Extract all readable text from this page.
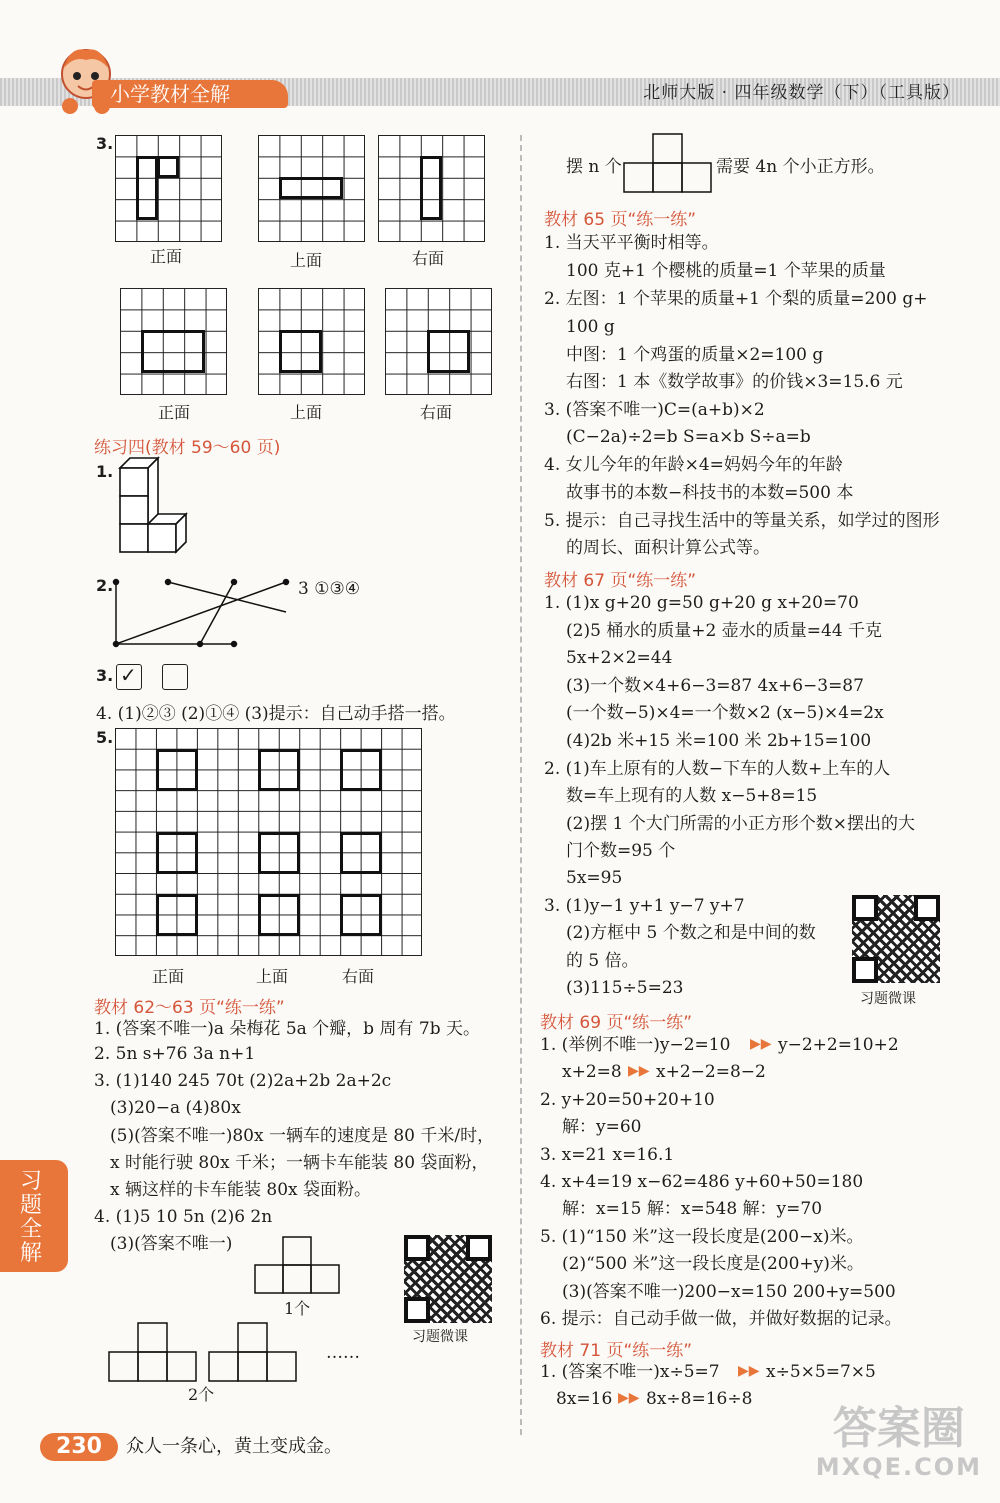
小学教材全解	北师大版 · 四年级数学（下）（工具版）
3.
正面	上面	右面
正面	上面	右面
练习四(教材 59～60 页)
1.
2.	3 ①③④
3. ✓
4. (1)②③ (2)①④ (3)提示：自己动手搭一搭。
5.
正面	上面	右面
教材 62～63 页“练一练”
1. (答案不唯一)a 朵梅花 5a 个瓣，b 周有 7b 天。
2. 5n s+76 3a n+1
3. (1)140 245 70t (2)2a+2b 2a+2c
(3)20−a (4)80x
(5)(答案不唯一)80x 一辆车的速度是 80 千米/时，
x 时能行驶 80x 千米；一辆卡车能装 80 袋面粉，
x 辆这样的卡车能装 80x 袋面粉。
4. (1)5 10 5n (2)6 2n
(3)(答案不唯一)
1个
……
2个
习题微课
摆 n 个	需要 4n 个小正方形。
教材 65 页“练一练”
1. 当天平平衡时相等。
100 克+1 个樱桃的质量=1 个苹果的质量
2. 左图：1 个苹果的质量+1 个梨的质量=200 g+
100 g
中图：1 个鸡蛋的质量×2=100 g
右图：1 本《数学故事》的价钱×3=15.6 元
3. (答案不唯一)C=(a+b)×2
(C−2a)÷2=b S=a×b S÷a=b
4. 女儿今年的年龄×4=妈妈今年的年龄
故事书的本数−科技书的本数=500 本
5. 提示：自己寻找生活中的等量关系，如学过的图形
的周长、面积计算公式等。
教材 67 页“练一练”
1. (1)x g+20 g=50 g+20 g x+20=70
(2)5 桶水的质量+2 壶水的质量=44 千克
5x+2×2=44
(3)一个数×4+6−3=87 4x+6−3=87
(一个数−5)×4=一个数×2 (x−5)×4=2x
(4)2b 米+15 米=100 米 2b+15=100
2. (1)车上原有的人数−下车的人数+上车的人
数=车上现有的人数 x−5+8=15
(2)摆 1 个大门所需的小正方形个数×摆出的大
门个数=95 个
5x=95
3. (1)y−1 y+1 y−7 y+7
(2)方框中 5 个数之和是中间的数
的 5 倍。
(3)115÷5=23
习题微课
教材 69 页“练一练”
1. (举例不唯一)y−2=10 ▶▶ y−2+2=10+2
x+2=8 ▶▶ x+2−2=8−2
2. y+20=50+20+10
解：y=60
3. x=21 x=16.1
4. x+4=19 x−62=486 y+60+50=180
解：x=15 解：x=548 解：y=70
5. (1)“150 米”这一段长度是(200−x)米。
(2)“500 米”这一段长度是(200+y)米。
(3)(答案不唯一)200−x=150 200+y=500
6. 提示：自己动手做一做，并做好数据的记录。
教材 71 页“练一练”
1. (答案不唯一)x÷5=7 ▶▶ x÷5×5=7×5
8x=16 ▶▶ 8x÷8=16÷8
习题全解
230	众人一条心，黄土变成金。	答案圈
MXQE.COM
